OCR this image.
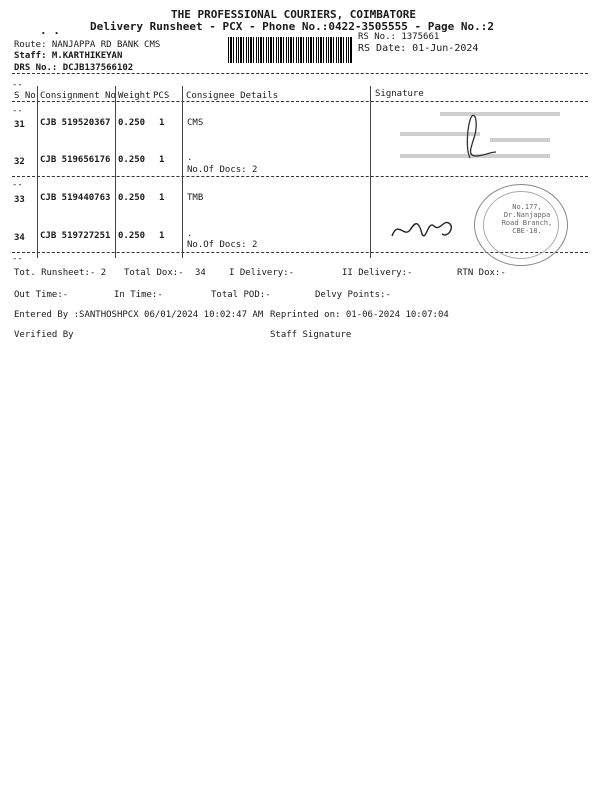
THE PROFESSIONAL COURIERS, COIMBATORE
. .	Delivery Runsheet - PCX - Phone No.:0422-3505555 - Page No.:2
Route: NANJAPPA RD BANK CMS
Staff: M.KARTHIKEYAN
DRS No.: DCJB137566102
RS No.: 1375661
RS Date: 01-Jun-2024
--
S No Consignment No Weight PCS Consignee Details	Signature
--
31 CJB 519520367 0.250 1	CMS
32 CJB 519656176 0.250 1	.
No.Of Docs: 2
--
33 CJB 519440763 0.250 1	TMB
34 CJB 519727251 0.250 1	.
No.Of Docs: 2
--
No.177,
Dr.Nanjappa
Road Branch,
CBE-18.
Tot. Runsheet:- 2 Total Dox:- 34	I Delivery:-	II Delivery:-	RTN Dox:-
Out Time:-	In Time:-	Total POD:-	Delvy Points:-
Entered By :SANTHOSHPCX 06/01/2024 10:02:47 AM Reprinted on: 01-06-2024 10:07:04
Verified By	Staff Signature
